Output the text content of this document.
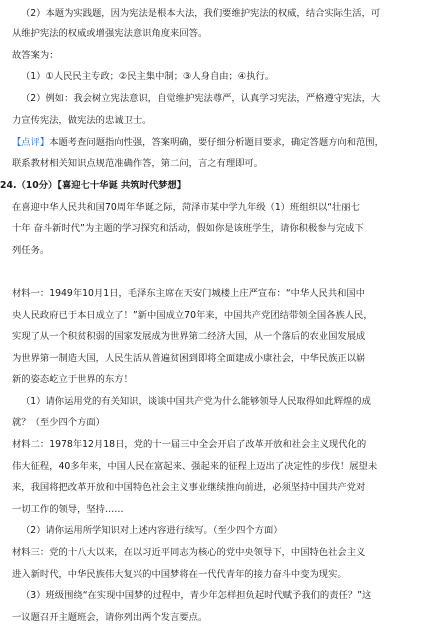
（2）本题为实践题，因为宪法是根本大法，我们要维护宪法的权威，结合实际生活，可
从维护宪法的权威或增强宪法意识角度来回答。
故答案为：
（1）①人民民主专政；②民主集中制；③人身自由；④执行。
（2）例如：我会树立宪法意识，自觉维护宪法尊严，认真学习宪法，严格遵守宪法，大
力宣传宪法，做宪法的忠诚卫士。
【点评】本题考查问题指向性强，答案明确，要仔细分析题目要求，确定答题方向和范围，
联系教材相关知识点规范准确作答，第二问，言之有理即可。
24.（10分）【喜迎七十华诞 共筑时代梦想】
在喜迎中华人民共和国70周年华诞之际，菏泽市某中学九年级（1）班组织以“壮丽七
十年 奋斗新时代”为主题的学习探究和活动，假如你是该班学生，请你积极参与完成下
列任务。
材料一：1949年10月1日，毛泽东主席在天安门城楼上庄严宣布：“中华人民共和国中
央人民政府已于本日成立了！”新中国成立70年来，中国共产党团结带领全国各族人民，
实现了从一个积贫积弱的国家发展成为世界第二经济大国，从一个落后的农业国发展成
为世界第一制造大国，人民生活从普遍贫困到即将全面建成小康社会，中华民族正以崭
新的姿态屹立于世界的东方！
（1）请你运用党的有关知识，谈谈中国共产党为什么能够领导人民取得如此辉煌的成
就？（至少四个方面）
材料二：1978年12月18日，党的十一届三中全会开启了改革开放和社会主义现代化的
伟大征程，40多年来，中国人民在富起来、强起来的征程上迈出了决定性的步伐！展望未
来，我国将把改革开放和中国特色社会主义事业继续推向前进，必须坚持中国共产党对
一切工作的领导，坚持……
（2）请你运用所学知识对上述内容进行续写。（至少四个方面）
材料三：党的十八大以来，在以习近平同志为核心的党中央领导下，中国特色社会主义
进入新时代，中华民族伟大复兴的中国梦将在一代代青年的接力奋斗中变为现实。
（3）班级围绕“在实现中国梦的过程中，青少年怎样担负起时代赋予我们的责任？”这
一议题召开主题班会，请你列出两个发言要点。
